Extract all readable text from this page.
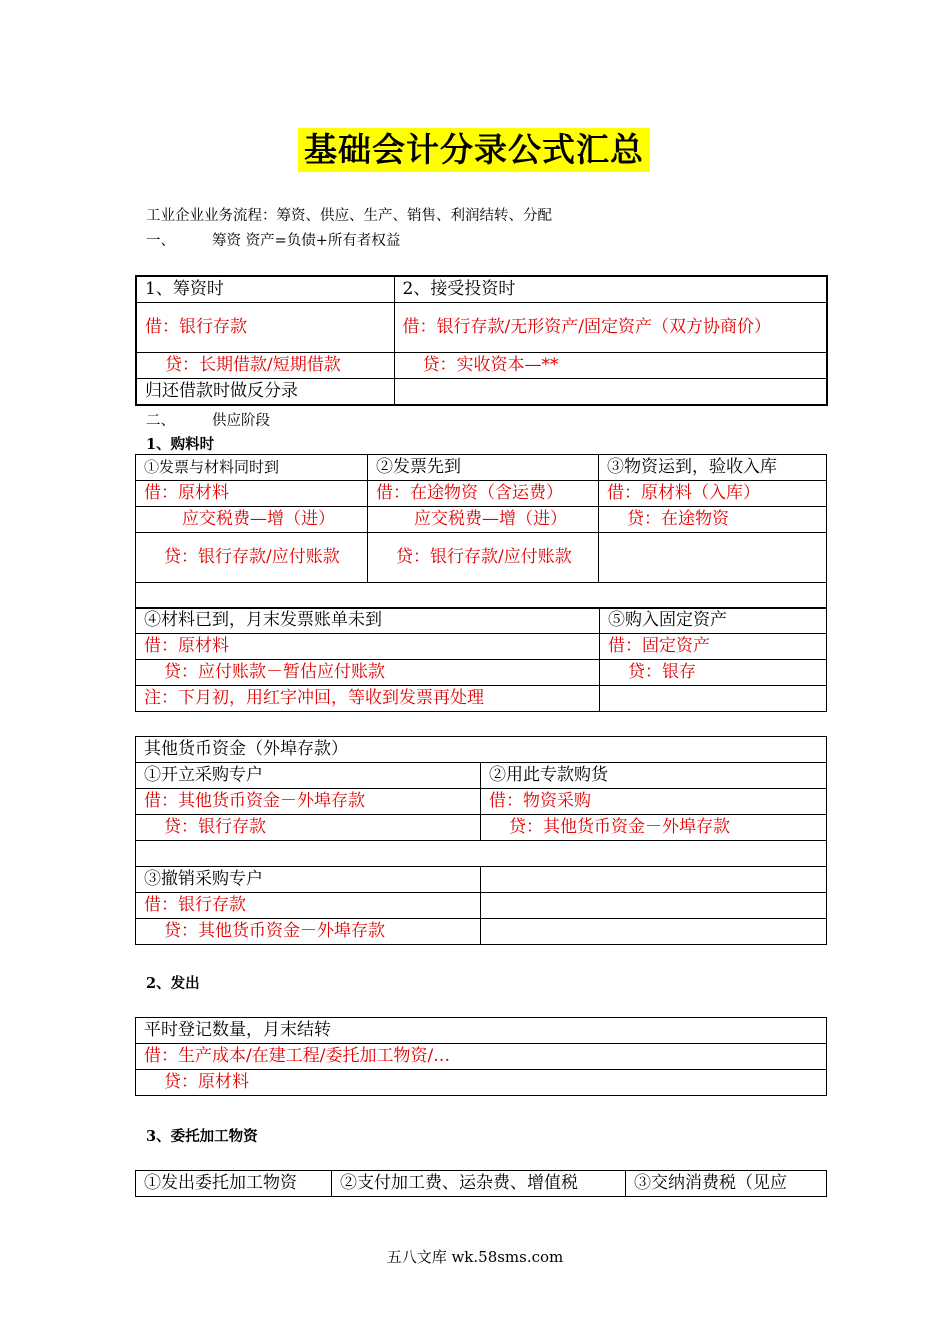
基础会计分录公式汇总
工业企业业务流程：筹资、供应、生产、销售、利润结转、分配
一、	筹资 资产=负债+所有者权益
1、筹资时	2、接受投资时
借：银行存款	借：银行存款/无形资产/固定资产（双方协商价）
贷：长期借款/短期借款	贷：实收资本—**
归还借款时做反分录	
二、	供应阶段
1、购料时
①发票与材料同时到	②发票先到	③物资运到，验收入库
借：原材料	借：在途物资（含运费）	借：原材料（入库）
应交税费—增（进）	应交税费—增（进）	贷：在途物资
贷：银行存款/应付账款	贷：银行存款/应付账款	

④材料已到，月末发票账单未到	⑤购入固定资产
借：原材料	借：固定资产
贷：应付账款－暂估应付账款	贷：银存
注：下月初，用红字冲回，等收到发票再处理	
其他货币资金（外埠存款）	
①开立采购专户	②用此专款购货
借：其他货币资金－外埠存款	借：物资采购
贷：银行存款	贷：其他货币资金－外埠存款

③撤销采购专户	
借：银行存款	
贷：其他货币资金－外埠存款	
2、发出
平时登记数量，月末结转
借：生产成本/在建工程/委托加工物资/…
贷：原材料
3、委托加工物资
①发出委托加工物资	②支付加工费、运杂费、增值税	③交纳消费税（见应
五八文库 wk.58sms.com
